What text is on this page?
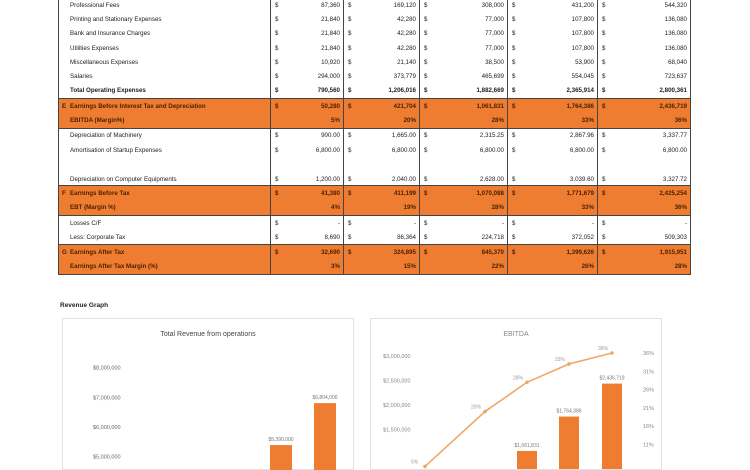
Professional Fees	$	87,360	$	169,120	$	308,000	$	431,200	$	544,320
Printing and Stationary Expenses	$	21,840	$	42,280	$	77,000	$	107,800	$	136,080
Bank and Insurance Charges	$	21,840	$	42,280	$	77,000	$	107,800	$	136,080
Utilities Expenses	$	21,840	$	42,280	$	77,000	$	107,800	$	136,080
Miscellaneous Expenses	$	10,920	$	21,140	$	38,500	$	53,900	$	68,040
Salaries	$	294,000	$	373,779	$	465,699	$	554,045	$	723,637
Total Operating Expenses	$	790,560	$	1,206,016	$	1,882,669	$	2,365,914	$	2,800,361
E Earnings Before Interest Tax and Depreciation	$	50,280	$	421,704	$	1,061,831	$	1,764,386	$	2,436,719
EBITDA (Margin%)		5%		20%		28%		33%		36%
Depreciation of Machinery	$	900.00	$	1,665.00	$	2,315.25	$	2,867.96	$	3,337.77
Amortisation of Startup Expenses	$	6,800.00	$	6,800.00	$	6,800.00	$	6,800.00	$	6,800.00
Depreciation on Computer Equipments	$	1,200.00	$	2,040.00	$	2,628.00	$	3,039.60	$	3,327.72
F Earnings Before Tax	$	41,380	$	411,199	$	1,070,088	$	1,771,679	$	2,425,254
EBT (Margin %)		4%		19%		28%		33%		36%
Losses C/F	$	-	$	-	$	-	$	-	$	-
Less: Corporate Tax	$	8,690	$	86,364	$	224,718	$	372,052	$	509,303
G Earnings After Tax	$	32,690	$	324,895	$	845,370	$	1,399,626	$	1,915,951
Earnings After Tax Margin (%)		3%		15%		22%		26%		28%
Revenue Graph
Total Revenue from operations
$8,000,000
$7,000,000
$6,000,000
$5,000,000
$5,390,000
$6,804,000
EBITDA
$3,000,000
$2,500,000
$2,000,000
$1,500,000
36%
31%
26%
21%
16%
11%
$1,061,831
$1,764,386
$2,436,719
5%
20%
28%
33%
36%
